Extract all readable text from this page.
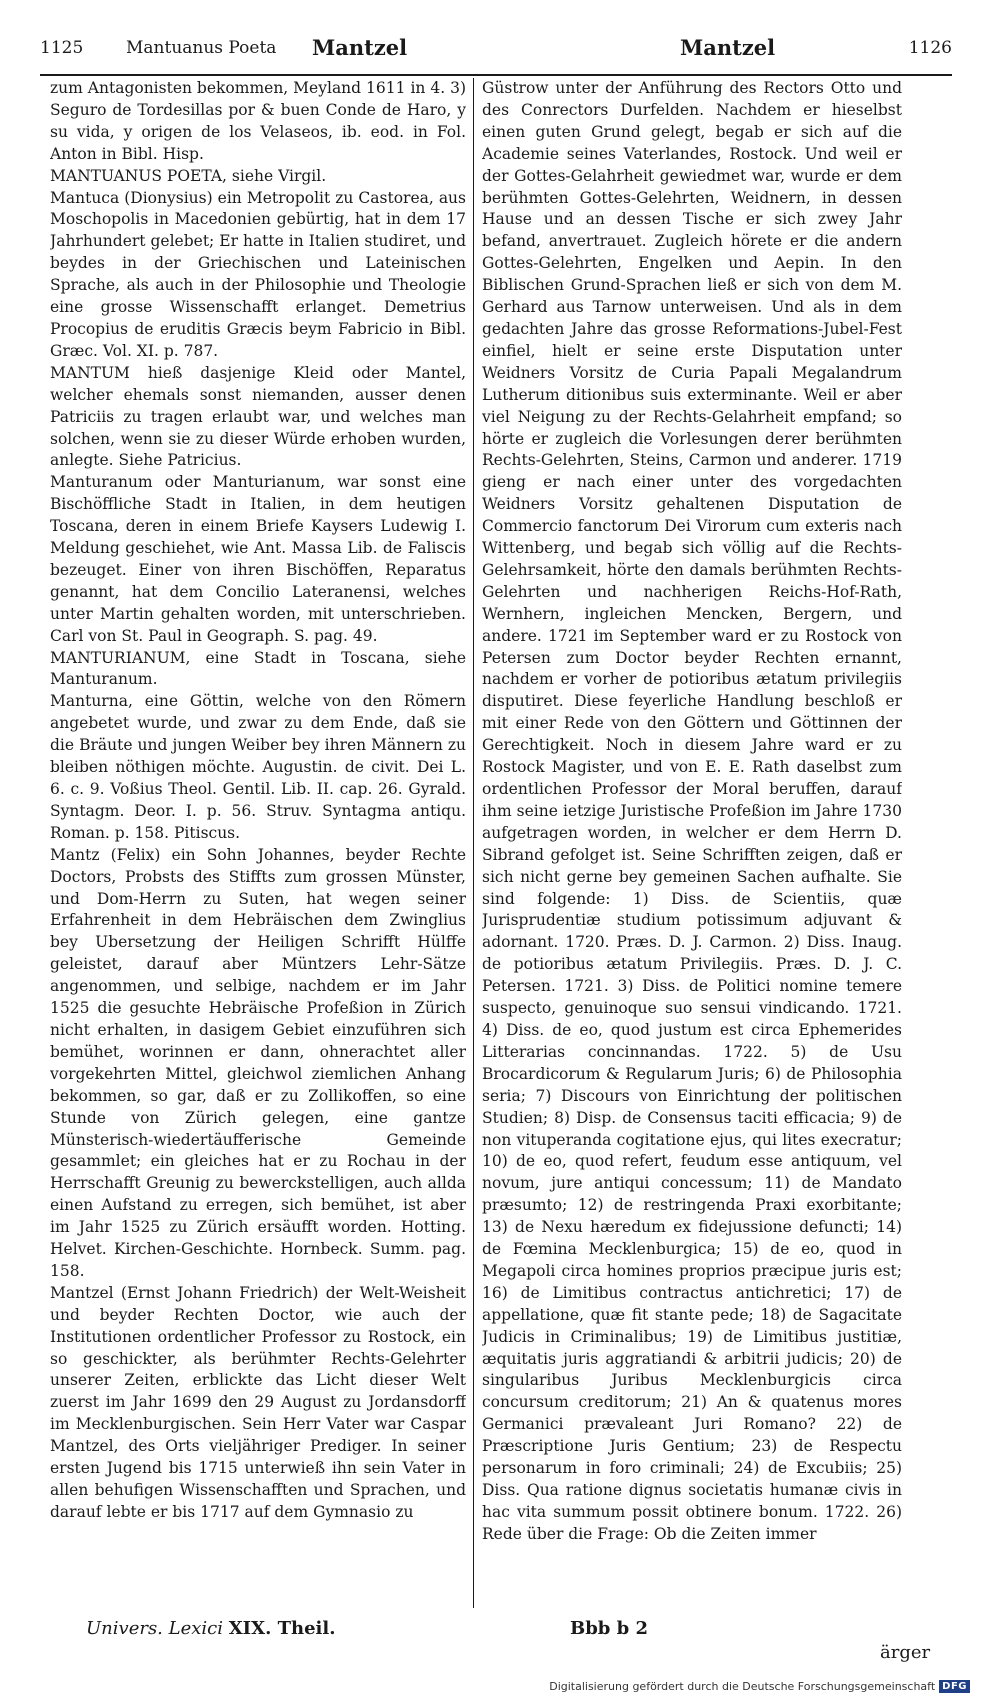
1125	Mantuanus Poeta Mantzel	Mantzel	1126

zum Antagonisten bekommen, Meyland 1611 in 4. 3) Seguro de Tordesillas por & buen Conde de Haro, y su vida, y origen de los Velaseos, ib. eod. in Fol. Anton in Bibl. Hisp.

MANTUANUS POETA, siehe Virgil.

Mantuca (Dionysius) ein Metropolit zu Castorea, aus Moschopolis in Macedonien gebürtig, hat in dem 17 Jahrhundert gelebet; Er hatte in Italien studiret, und beydes in der Griechischen und Lateinischen Sprache, als auch in der Philosophie und Theologie eine grosse Wissenschafft erlanget. Demetrius Procopius de eruditis Græcis beym Fabricio in Bibl. Græc. Vol. XI. p. 787.

MANTUM hieß dasjenige Kleid oder Mantel, welcher ehemals sonst niemanden, ausser denen Patriciis zu tragen erlaubt war, und welches man solchen, wenn sie zu dieser Würde erhoben wurden, anlegte. Siehe Patricius.

Manturanum oder Manturianum, war sonst eine Bischöffliche Stadt in Italien, in dem heutigen Toscana, deren in einem Briefe Kaysers Ludewig I. Meldung geschiehet, wie Ant. Massa Lib. de Faliscis bezeuget. Einer von ihren Bischöffen, Reparatus genannt, hat dem Concilio Lateranensi, welches unter Martin gehalten worden, mit unterschrieben. Carl von St. Paul in Geograph. S. pag. 49.

MANTURIANUM, eine Stadt in Toscana, siehe Manturanum.

Manturna, eine Göttin, welche von den Römern angebetet wurde, und zwar zu dem Ende, daß sie die Bräute und jungen Weiber bey ihren Männern zu bleiben nöthigen möchte. Augustin. de civit. Dei L. 6. c. 9. Voßius Theol. Gentil. Lib. II. cap. 26. Gyrald. Syntagm. Deor. I. p. 56. Struv. Syntagma antiqu. Roman. p. 158. Pitiscus.

Mantz (Felix) ein Sohn Johannes, beyder Rechte Doctors, Probsts des Stiffts zum grossen Münster, und Dom-Herrn zu Suten, hat wegen seiner Erfahrenheit in dem Hebräischen dem Zwinglius bey Ubersetzung der Heiligen Schrifft Hülffe geleistet, darauf aber Müntzers Lehr-Sätze angenommen, und selbige, nachdem er im Jahr 1525 die gesuchte Hebräische Profeßion in Zürich nicht erhalten, in dasigem Gebiet einzuführen sich bemühet, worinnen er dann, ohnerachtet aller vorgekehrten Mittel, gleichwol ziemlichen Anhang bekommen, so gar, daß er zu Zollikoffen, so eine Stunde von Zürich gelegen, eine gantze Münsterisch-wiedertäufferische Gemeinde gesammlet; ein gleiches hat er zu Rochau in der Herrschafft Greunig zu bewerckstelligen, auch allda einen Aufstand zu erregen, sich bemühet, ist aber im Jahr 1525 zu Zürich ersäufft worden. Hotting. Helvet. Kirchen-Geschichte. Hornbeck. Summ. pag. 158.

Mantzel (Ernst Johann Friedrich) der Welt-Weisheit und beyder Rechten Doctor, wie auch der Institutionen ordentlicher Professor zu Rostock, ein so geschickter, als berühmter Rechts-Gelehrter unserer Zeiten, erblickte das Licht dieser Welt zuerst im Jahr 1699 den 29 August zu Jordansdorff im Mecklenburgischen. Sein Herr Vater war Caspar Mantzel, des Orts vieljähriger Prediger. In seiner ersten Jugend bis 1715 unterwieß ihn sein Vater in allen behufigen Wissenschafften und Sprachen, und darauf lebte er bis 1717 auf dem Gymnasio zu

Güstrow unter der Anführung des Rectors Otto und des Conrectors Durfelden. Nachdem er hieselbst einen guten Grund gelegt, begab er sich auf die Academie seines Vaterlandes, Rostock. Und weil er der Gottes-Gelahrheit gewiedmet war, wurde er dem berühmten Gottes-Gelehrten, Weidnern, in dessen Hause und an dessen Tische er sich zwey Jahr befand, anvertrauet. Zugleich hörete er die andern Gottes-Gelehrten, Engelken und Aepin. In den Biblischen Grund-Sprachen ließ er sich von dem M. Gerhard aus Tarnow unterweisen. Und als in dem gedachten Jahre das grosse Reformations-Jubel-Fest einfiel, hielt er seine erste Disputation unter Weidners Vorsitz de Curia Papali Megalandrum Lutherum ditionibus suis exterminante. Weil er aber viel Neigung zu der Rechts-Gelahrheit empfand; so hörte er zugleich die Vorlesungen derer berühmten Rechts-Gelehrten, Steins, Carmon und anderer. 1719 gieng er nach einer unter des vorgedachten Weidners Vorsitz gehaltenen Disputation de Commercio fanctorum Dei Virorum cum exteris nach Wittenberg, und begab sich völlig auf die Rechts-Gelehrsamkeit, hörte den damals berühmten Rechts-Gelehrten und nachherigen Reichs-Hof-Rath, Wernhern, ingleichen Mencken, Bergern, und andere. 1721 im September ward er zu Rostock von Petersen zum Doctor beyder Rechten ernannt, nachdem er vorher de potioribus ætatum privilegiis disputiret. Diese feyerliche Handlung beschloß er mit einer Rede von den Göttern und Göttinnen der Gerechtigkeit. Noch in diesem Jahre ward er zu Rostock Magister, und von E. E. Rath daselbst zum ordentlichen Professor der Moral beruffen, darauf ihm seine ietzige Juristische Profeßion im Jahre 1730 aufgetragen worden, in welcher er dem Herrn D. Sibrand gefolget ist. Seine Schrifften zeigen, daß er sich nicht gerne bey gemeinen Sachen aufhalte. Sie sind folgende: 1) Diss. de Scientiis, quæ Jurisprudentiæ studium potissimum adjuvant & adornant. 1720. Præs. D. J. Carmon. 2) Diss. Inaug. de potioribus ætatum Privilegiis. Præs. D. J. C. Petersen. 1721. 3) Diss. de Politici nomine temere suspecto, genuinoque suo sensui vindicando. 1721. 4) Diss. de eo, quod justum est circa Ephemerides Litterarias concinnandas. 1722. 5) de Usu Brocardicorum & Regularum Juris; 6) de Philosophia seria; 7) Discours von Einrichtung der politischen Studien; 8) Disp. de Consensus taciti efficacia; 9) de non vituperanda cogitatione ejus, qui lites execratur; 10) de eo, quod refert, feudum esse antiquum, vel novum, jure antiqui concessum; 11) de Mandato præsumto; 12) de restringenda Praxi exorbitante; 13) de Nexu hæredum ex fidejussione defuncti; 14) de Fœmina Mecklenburgica; 15) de eo, quod in Megapoli circa homines proprios præcipue juris est; 16) de Limitibus contractus antichretici; 17) de appellatione, quæ fit stante pede; 18) de Sagacitate Judicis in Criminalibus; 19) de Limitibus justitiæ, æquitatis juris aggratiandi & arbitrii judicis; 20) de singularibus Juribus Mecklenburgicis circa concursum creditorum; 21) An & quatenus mores Germanici prævaleant Juri Romano? 22) de Præscriptione Juris Gentium; 23) de Respectu personarum in foro criminali; 24) de Excubiis; 25) Diss. Qua ratione dignus societatis humanæ civis in hac vita summum possit obtinere bonum. 1722. 26) Rede über die Frage: Ob die Zeiten immer

Univers. Lexici XIX. Theil.	Bbb b 2
ärger
Digitalisierung gefördert durch die Deutsche Forschungsgemeinschaft DFG
